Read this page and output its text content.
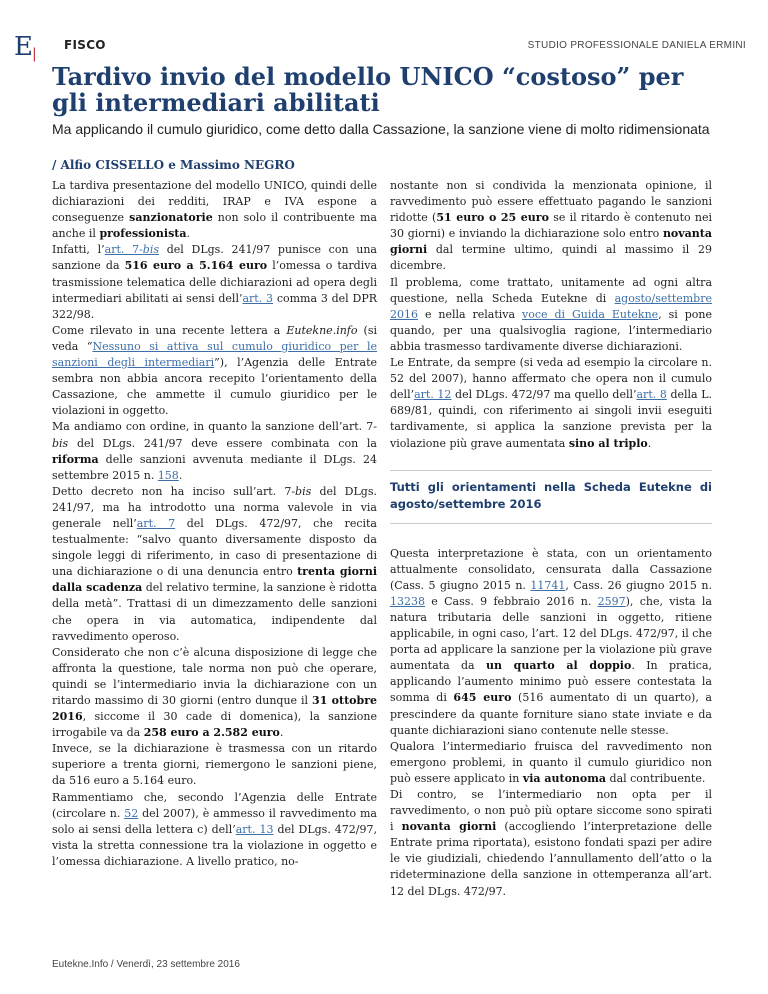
E|
FISCO	STUDIO PROFESSIONALE DANIELA ERMINI
Tardivo invio del modello UNICO “costoso” per gli intermediari abilitati

Ma applicando il cumulo giuridico, come detto dalla Cassazione, la sanzione viene di molto ridimensionata

/ Alfio CISSELLO e Massimo NEGRO

La tardiva presentazione del modello UNICO, quindi delle dichiarazioni dei redditi, IRAP e IVA espone a conseguenze sanzionatorie non solo il contribuente ma anche il professionista.

Infatti, l’art. 7-bis del DLgs. 241/97 punisce con una sanzione da 516 euro a 5.164 euro l’omessa o tardiva trasmissione telematica delle dichiarazioni ad opera degli intermediari abilitati ai sensi dell’art. 3 comma 3 del DPR 322/98.

Come rilevato in una recente lettera a Eutekne.info (si veda “Nessuno si attiva sul cumulo giuridico per le sanzioni degli intermediari”), l’Agenzia delle Entrate sembra non abbia ancora recepito l’orientamento della Cassazione, che ammette il cumulo giuridico per le violazioni in oggetto.

Ma andiamo con ordine, in quanto la sanzione dell’art. 7-bis del DLgs. 241/97 deve essere combinata con la riforma delle sanzioni avvenuta mediante il DLgs. 24 settembre 2015 n. 158.

Detto decreto non ha inciso sull’art. 7-bis del DLgs. 241/97, ma ha introdotto una norma valevole in via generale nell’art. 7 del DLgs. 472/97, che recita testualmente: “salvo quanto diversamente disposto da singole leggi di riferimento, in caso di presentazione di una dichiarazione o di una denuncia entro trenta giorni dalla scadenza del relativo termine, la sanzione è ridotta della metà”. Trattasi di un dimezzamento delle sanzioni che opera in via automatica, indipendente dal ravvedimento operoso.

Considerato che non c’è alcuna disposizione di legge che affronta la questione, tale norma non può che operare, quindi se l’intermediario invia la dichiarazione con un ritardo massimo di 30 giorni (entro dunque il 31 ottobre 2016, siccome il 30 cade di domenica), la sanzione irrogabile va da 258 euro a 2.582 euro.

Invece, se la dichiarazione è trasmessa con un ritardo superiore a trenta giorni, riemergono le sanzioni piene, da 516 euro a 5.164 euro.

Rammentiamo che, secondo l’Agenzia delle Entrate (circolare n. 52 del 2007), è ammesso il ravvedimento ma solo ai sensi della lettera c) dell’art. 13 del DLgs. 472/97, vista la stretta connessione tra la violazione in oggetto e l’omessa dichiarazione. A livello pratico, no-

nostante non si condivida la menzionata opinione, il ravvedimento può essere effettuato pagando le sanzioni ridotte (51 euro o 25 euro se il ritardo è contenuto nei 30 giorni) e inviando la dichiarazione solo entro novanta giorni dal termine ultimo, quindi al massimo il 29 dicembre.

Il problema, come trattato, unitamente ad ogni altra questione, nella Scheda Eutekne di agosto/settembre 2016 e nella relativa voce di Guida Eutekne, si pone quando, per una qualsivoglia ragione, l’intermediario abbia trasmesso tardivamente diverse dichiarazioni.

Le Entrate, da sempre (si veda ad esempio la circolare n. 52 del 2007), hanno affermato che opera non il cumulo dell’art. 12 del DLgs. 472/97 ma quello dell’art. 8 della L. 689/81, quindi, con riferimento ai singoli invii eseguiti tardivamente, si applica la sanzione prevista per la violazione più grave aumentata sino al triplo.

Tutti gli orientamenti nella Scheda Eutekne di agosto/settembre 2016

Questa interpretazione è stata, con un orientamento attualmente consolidato, censurata dalla Cassazione (Cass. 5 giugno 2015 n. 11741, Cass. 26 giugno 2015 n. 13238 e Cass. 9 febbraio 2016 n. 2597), che, vista la natura tributaria delle sanzioni in oggetto, ritiene applicabile, in ogni caso, l’art. 12 del DLgs. 472/97, il che porta ad applicare la sanzione per la violazione più grave aumentata da un quarto al doppio. In pratica, applicando l’aumento minimo può essere contestata la somma di 645 euro (516 aumentato di un quarto), a prescindere da quante forniture siano state inviate e da quante dichiarazioni siano contenute nelle stesse.

Qualora l’intermediario fruisca del ravvedimento non emergono problemi, in quanto il cumulo giuridico non può essere applicato in via autonoma dal contribuente.

Di contro, se l’intermediario non opta per il ravvedimento, o non può più optare siccome sono spirati i novanta giorni (accogliendo l’interpretazione delle Entrate prima riportata), esistono fondati spazi per adire le vie giudiziali, chiedendo l’annullamento dell’atto o la rideterminazione della sanzione in ottemperanza all’art. 12 del DLgs. 472/97.

Eutekne.Info / Venerdì, 23 settembre 2016
